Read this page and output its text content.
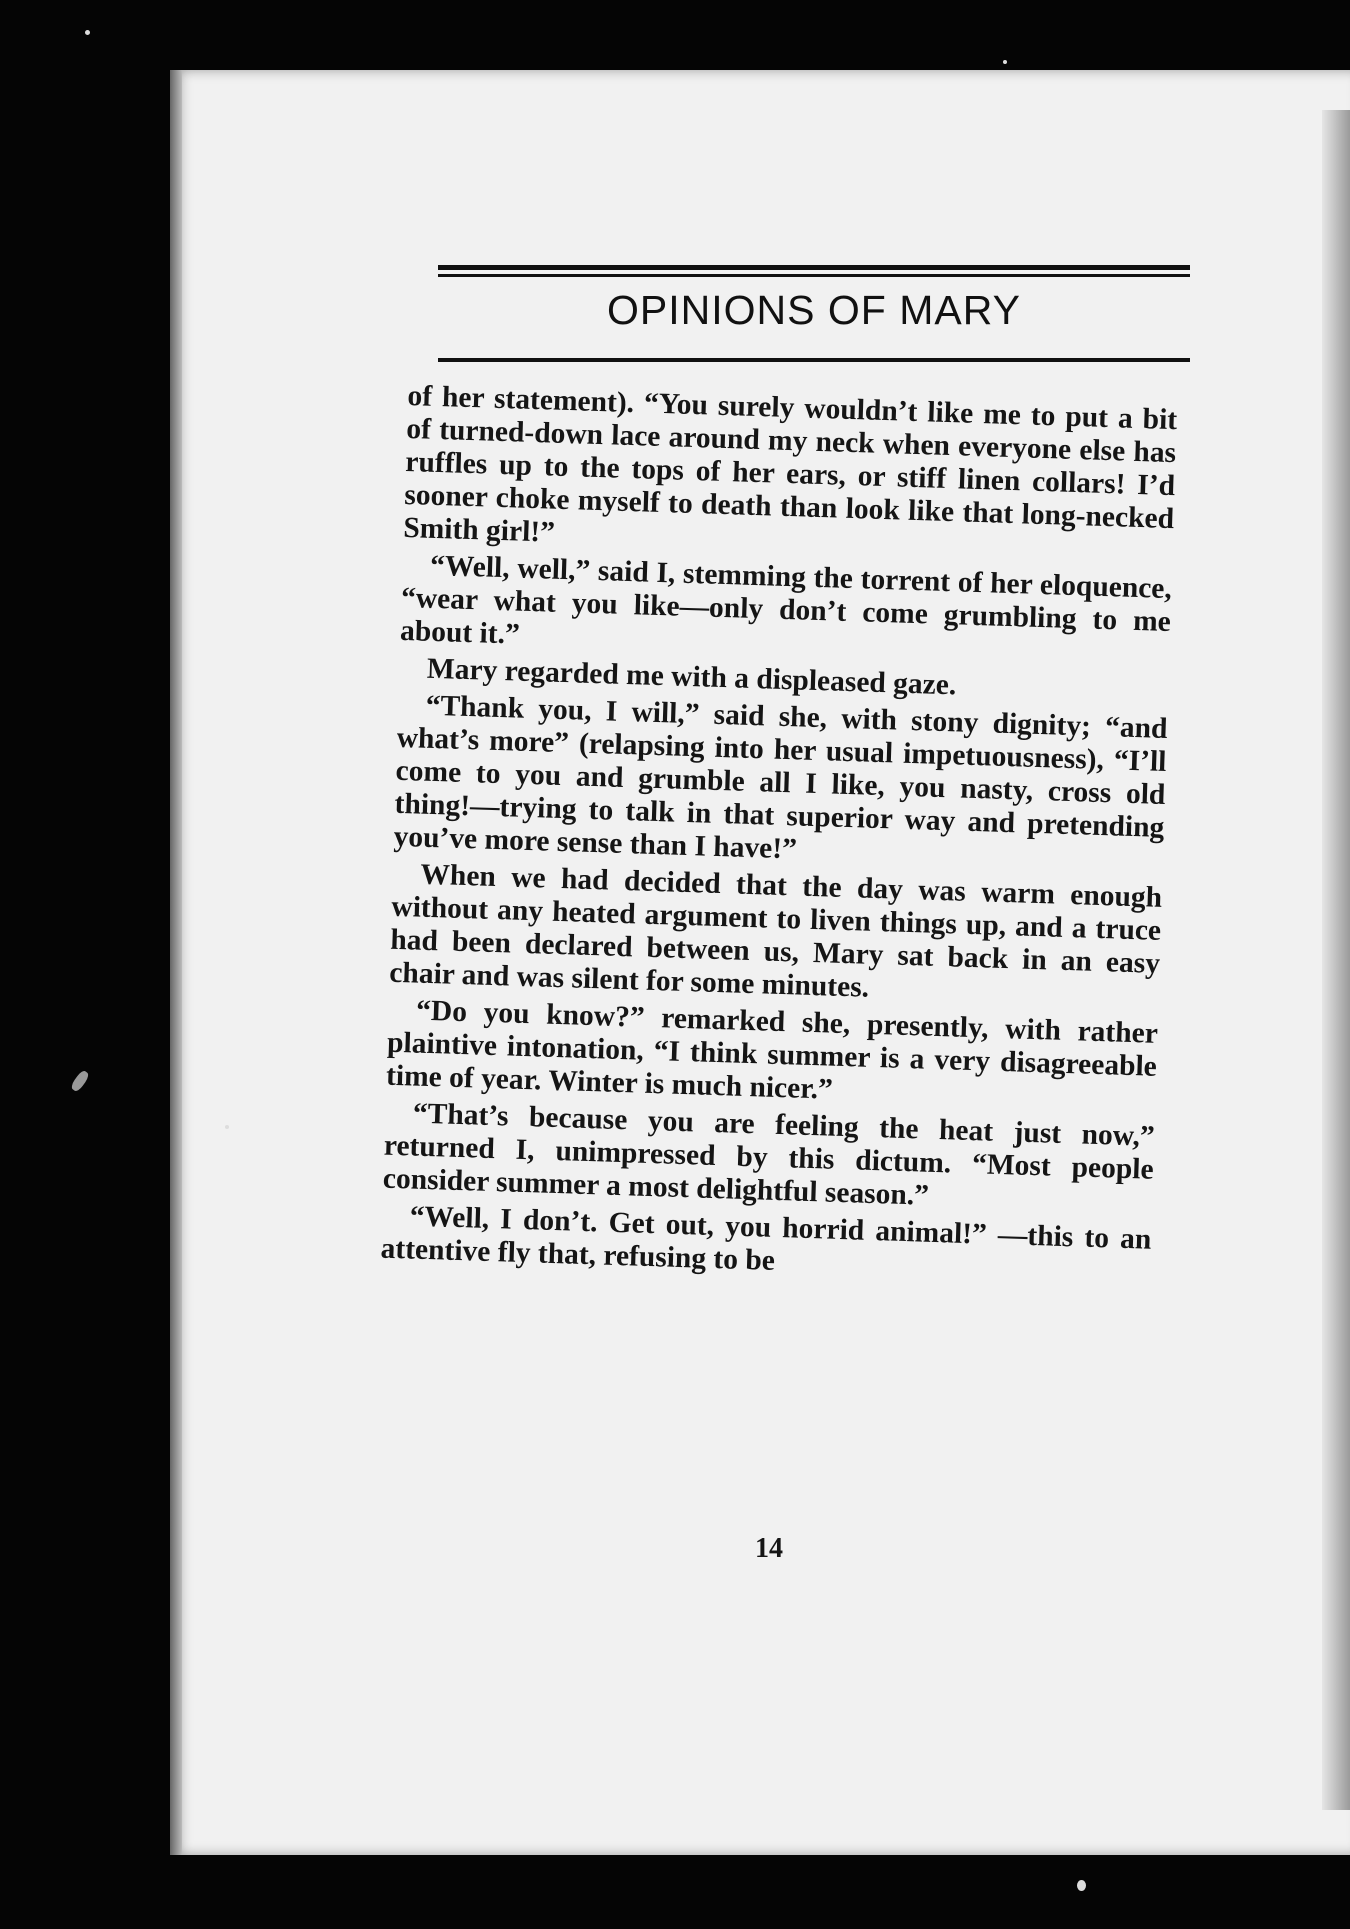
OPINIONS OF MARY

of her statement). “You surely wouldn’t like me to put a bit of turned-down lace around my neck when everyone else has ruffles up to the tops of her ears, or stiff linen collars! I’d sooner choke myself to death than look like that long-necked Smith girl!”

“Well, well,” said I, stemming the torrent of her eloquence, “wear what you like—only don’t come grumbling to me about it.”

Mary regarded me with a displeased gaze.

“Thank you, I will,” said she, with stony dignity; “and what’s more” (relapsing into her usual impetuousness), “I’ll come to you and grumble all I like, you nasty, cross old thing!—trying to talk in that superior way and pretending you’ve more sense than I have!”

When we had decided that the day was warm enough without any heated argument to liven things up, and a truce had been declared between us, Mary sat back in an easy chair and was silent for some minutes.

“Do you know?” remarked she, presently, with rather plaintive intonation, “I think summer is a very disagreeable time of year. Winter is much nicer.”

“That’s because you are feeling the heat just now,” returned I, unimpressed by this dictum. “Most people consider summer a most delightful season.”

“Well, I don’t. Get out, you horrid animal!” —this to an attentive fly that, refusing to be

14
